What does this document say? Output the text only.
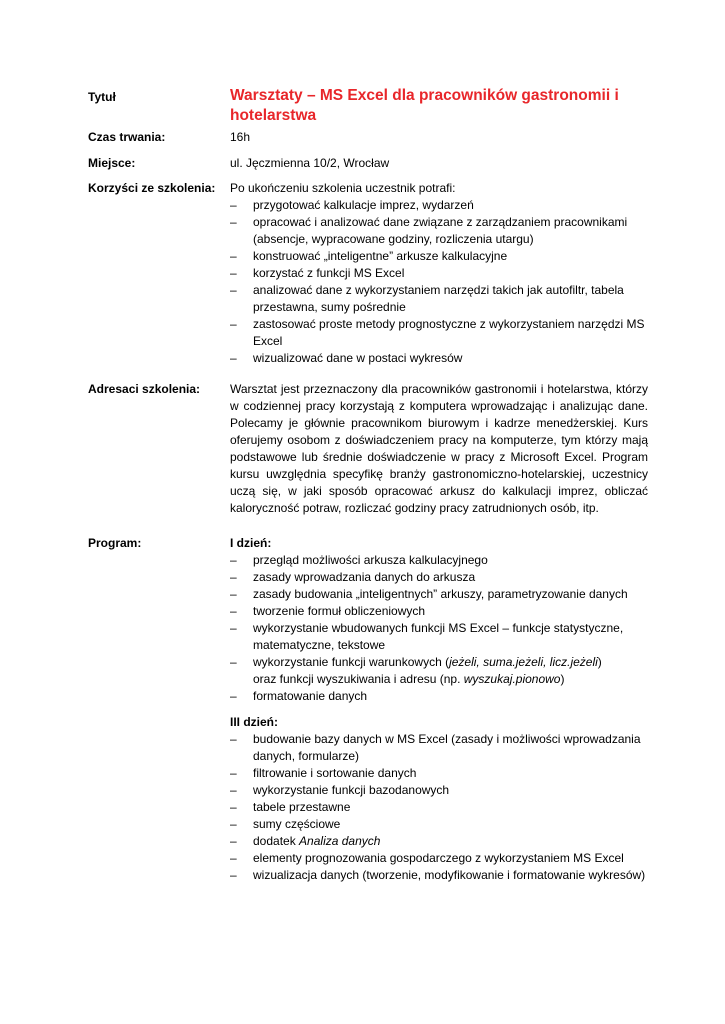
Tytuł	Warsztaty – MS Excel dla pracowników gastronomii i hotelarstwa
Czas trwania:	16h
Miejsce:	ul. Jęczmienna 10/2, Wrocław
Korzyści ze szkolenia:	Po ukończeniu szkolenia uczestnik potrafi:
– przygotować kalkulacje imprez, wydarzeń
– opracować i analizować dane związane z zarządzaniem pracownikami (absencje, wypracowane godziny, rozliczenia utargu)
– konstruować „inteligentne” arkusze kalkulacyjne
– korzystać z funkcji MS Excel
– analizować dane z wykorzystaniem narzędzi takich jak autofiltr, tabela przestawna, sumy pośrednie
– zastosować proste metody prognostyczne z wykorzystaniem narzędzi MS Excel
– wizualizować dane w postaci wykresów
Adresaci szkolenia:	Warsztat jest przeznaczony dla pracowników gastronomii i hotelarstwa, którzy w codziennej pracy korzystają z komputera wprowadzając i analizując dane. Polecamy je głównie pracownikom biurowym i kadrze menedżerskiej. Kurs oferujemy osobom z doświadczeniem pracy na komputerze, tym którzy mają podstawowe lub średnie doświadczenie w pracy z Microsoft Excel. Program kursu uwzględnia specyfikę branży gastronomiczno-hotelarskiej, uczestnicy uczą się, w jaki sposób opracować arkusz do kalkulacji imprez, obliczać kaloryczność potraw, rozliczać godziny pracy zatrudnionych osób, itp.
Program:	I dzień:
– przegląd możliwości arkusza kalkulacyjnego
– zasady wprowadzania danych do arkusza
– zasady budowania „inteligentnych” arkuszy, parametryzowanie danych
– tworzenie formuł obliczeniowych
– wykorzystanie wbudowanych funkcji MS Excel – funkcje statystyczne, matematyczne, tekstowe
– wykorzystanie funkcji warunkowych (jeżeli, suma.jeżeli, licz.jeżeli)
oraz funkcji wyszukiwania i adresu (np. wyszukaj.pionowo)
– formatowanie danych
III dzień:
– budowanie bazy danych w MS Excel (zasady i możliwości wprowadzania danych, formularze)
– filtrowanie i sortowanie danych
– wykorzystanie funkcji bazodanowych
– tabele przestawne
– sumy częściowe
– dodatek Analiza danych
– elementy prognozowania gospodarczego z wykorzystaniem MS Excel
– wizualizacja danych (tworzenie, modyfikowanie i formatowanie wykresów)
